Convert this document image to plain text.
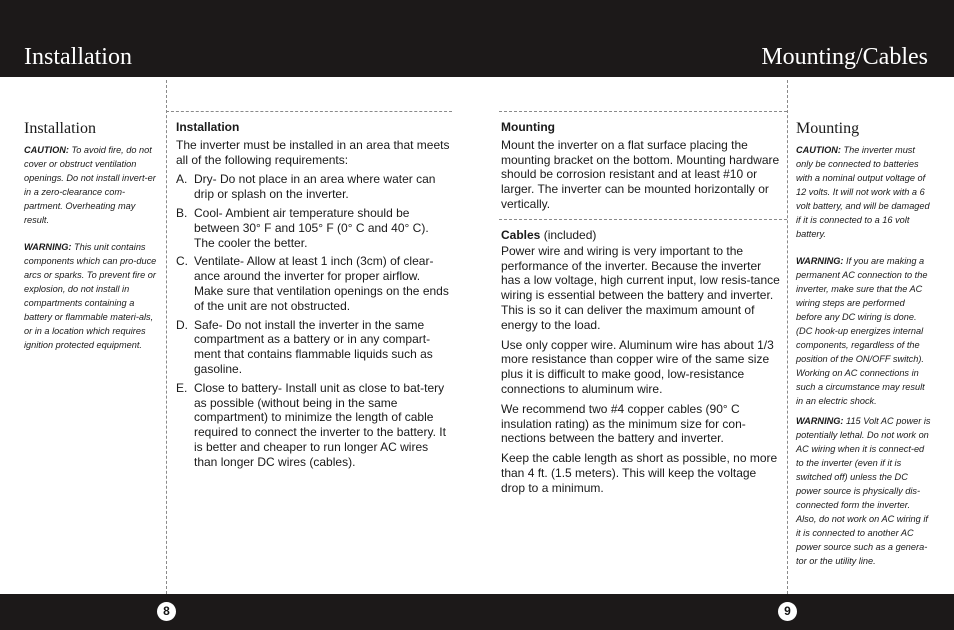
Installation	Mounting/Cables
Installation

CAUTION: To avoid fire, do not cover or obstruct ventilation openings. Do not install invert-er in a zero-clearance com-partment. Overheating may result.

WARNING: This unit contains components which can pro-duce arcs or sparks. To prevent fire or explosion, do not install in compartments containing a battery or flammable materi-als, or in a location which requires ignition protected equipment.

Installation

The inverter must be installed in an area that meets all of the following requirements:

A. Dry- Do not place in an area where water can drip or splash on the inverter.
B. Cool- Ambient air temperature should be between 30° F and 105° F (0° C and 40° C). The cooler the better.
C. Ventilate- Allow at least 1 inch (3cm) of clear-ance around the inverter for proper airflow. Make sure that ventilation openings on the ends of the unit are not obstructed.
D. Safe- Do not install the inverter in the same compartment as a battery or in any compart-ment that contains flammable liquids such as gasoline.
E. Close to battery- Install unit as close to bat-tery as possible (without being in the same compartment) to minimize the length of cable required to connect the inverter to the battery. It is better and cheaper to run longer AC wires than longer DC wires (cables).
Mounting

Mount the inverter on a flat surface placing the mounting bracket on the bottom. Mounting hardware should be corrosion resistant and at least #10 or larger. The inverter can be mounted horizontally or vertically.

Cables (included)

Power wire and wiring is very important to the performance of the inverter. Because the inverter has a low voltage, high current input, low resis-tance wiring is essential between the battery and inverter. This is so it can deliver the maximum amount of energy to the load.

Use only copper wire. Aluminum wire has about 1/3 more resistance than copper wire of the same size plus it is difficult to make good, low-resistance connections to aluminum wire.

We recommend two #4 copper cables (90° C insulation rating) as the minimum size for con-nections between the battery and inverter.

Keep the cable length as short as possible, no more than 4 ft. (1.5 meters). This will keep the voltage drop to a minimum.

Mounting

CAUTION: The inverter must only be connected to batteries with a nominal output voltage of 12 volts. It will not work with a 6 volt battery, and will be damaged if it is connected to a 16 volt battery.

WARNING: If you are making a permanent AC connection to the inverter, make sure that the AC wiring steps are performed before any DC wiring is done. (DC hook-up energizes internal components, regardless of the position of the ON/OFF switch). Working on AC connections in such a circumstance may result in an electric shock.

WARNING: 115 Volt AC power is potentially lethal. Do not work on AC wiring when it is connect-ed to the inverter (even if it is switched off) unless the DC power source is physically dis-connected form the inverter. Also, do not work on AC wiring if it is connected to another AC power source such as a genera-tor or the utility line.

8	9
